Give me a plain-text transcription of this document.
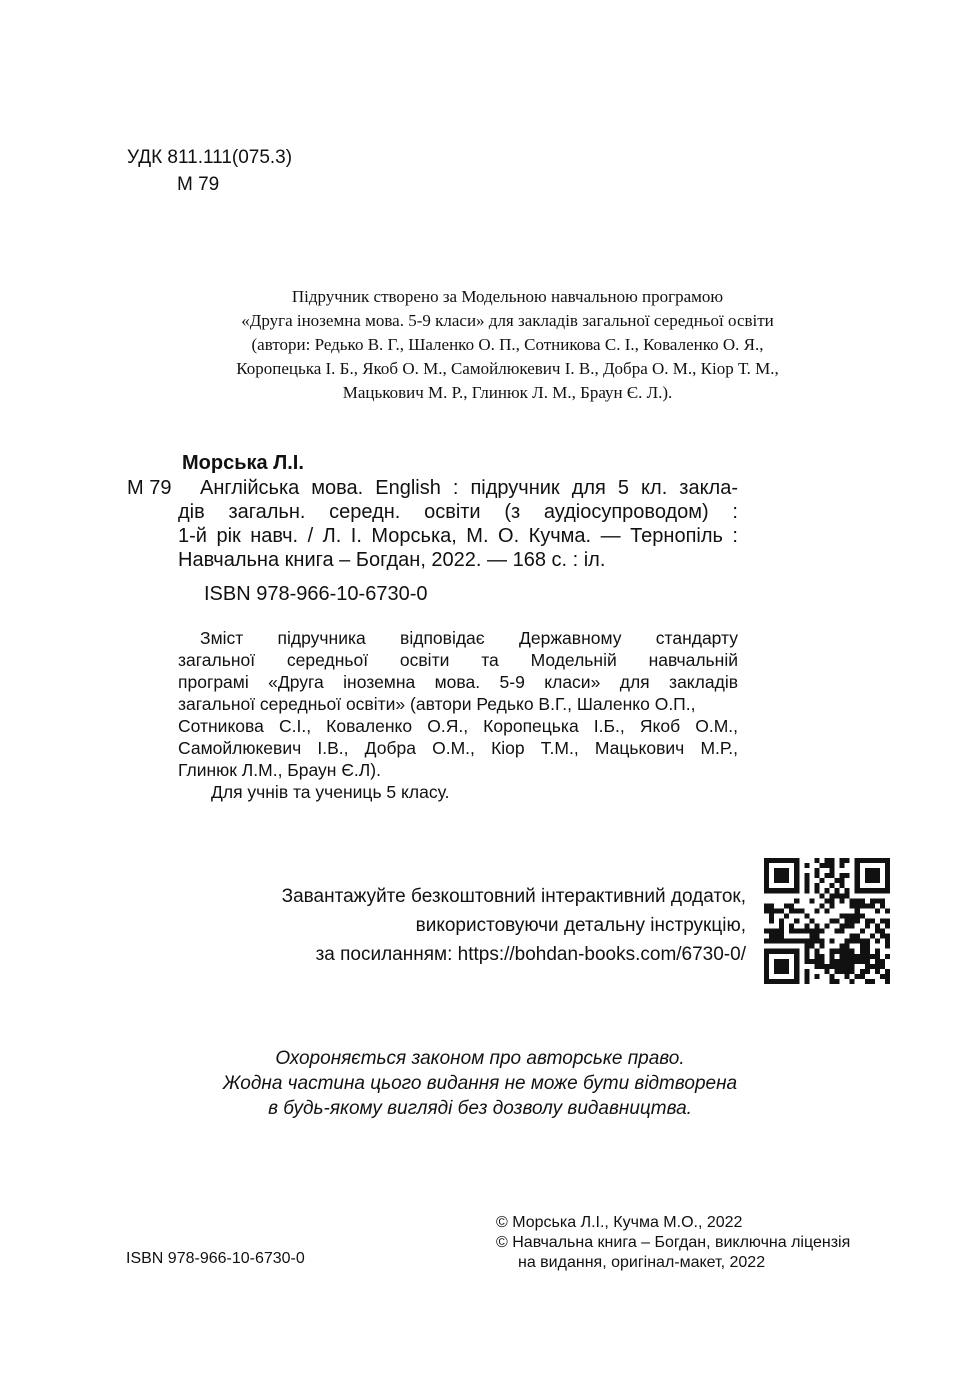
УДК 811.111(075.3)
М 79
Підручник створено за Модельною навчальною програмою
«Друга іноземна мова. 5-9 класи» для закладів загальної середньої освіти
(автори: Редько В. Г., Шаленко О. П., Сотникова С. І., Коваленко О. Я.,
Коропецька І. Б., Якоб О. М., Самойлюкевич І. В., Добра О. М., Кіор Т. М.,
Мацькович М. Р., Глинюк Л. М., Браун Є. Л.).
Морська Л.І.
М 79 Англійська мова. English : підручник для 5 кл. закла-
дів загальн. середн. освіти (з аудіосупроводом) :
1-й рік навч. / Л. І. Морська, М. О. Кучма. — Тернопіль :
Навчальна книга – Богдан, 2022. — 168 с. : іл.
ISBN 978-966-10-6730-0
Зміст підручника відповідає Державному стандарту
загальної середньої освіти та Модельній навчальній
програмі «Друга іноземна мова. 5-9 класи» для закладів
загальної середньої освіти» (автори Редько В.Г., Шаленко О.П.,
Сотникова С.І., Коваленко О.Я., Коропецька І.Б., Якоб О.М.,
Самойлюкевич І.В., Добра О.М., Кіор Т.М., Мацькович М.Р.,
Глинюк Л.М., Браун Є.Л).
Для учнів та учениць 5 класу.
Завантажуйте безкоштовний інтерактивний додаток,
використовуючи детальну інструкцію,
за посиланням: https://bohdan-books.com/6730-0/
Охороняється законом про авторське право.
Жодна частина цього видання не може бути відтворена
в будь-якому вигляді без дозволу видавництва.
ISBN 978-966-10-6730-0
© Морська Л.І., Кучма М.О., 2022
© Навчальна книга – Богдан, виключна ліцензія
на видання, оригінал-макет, 2022
